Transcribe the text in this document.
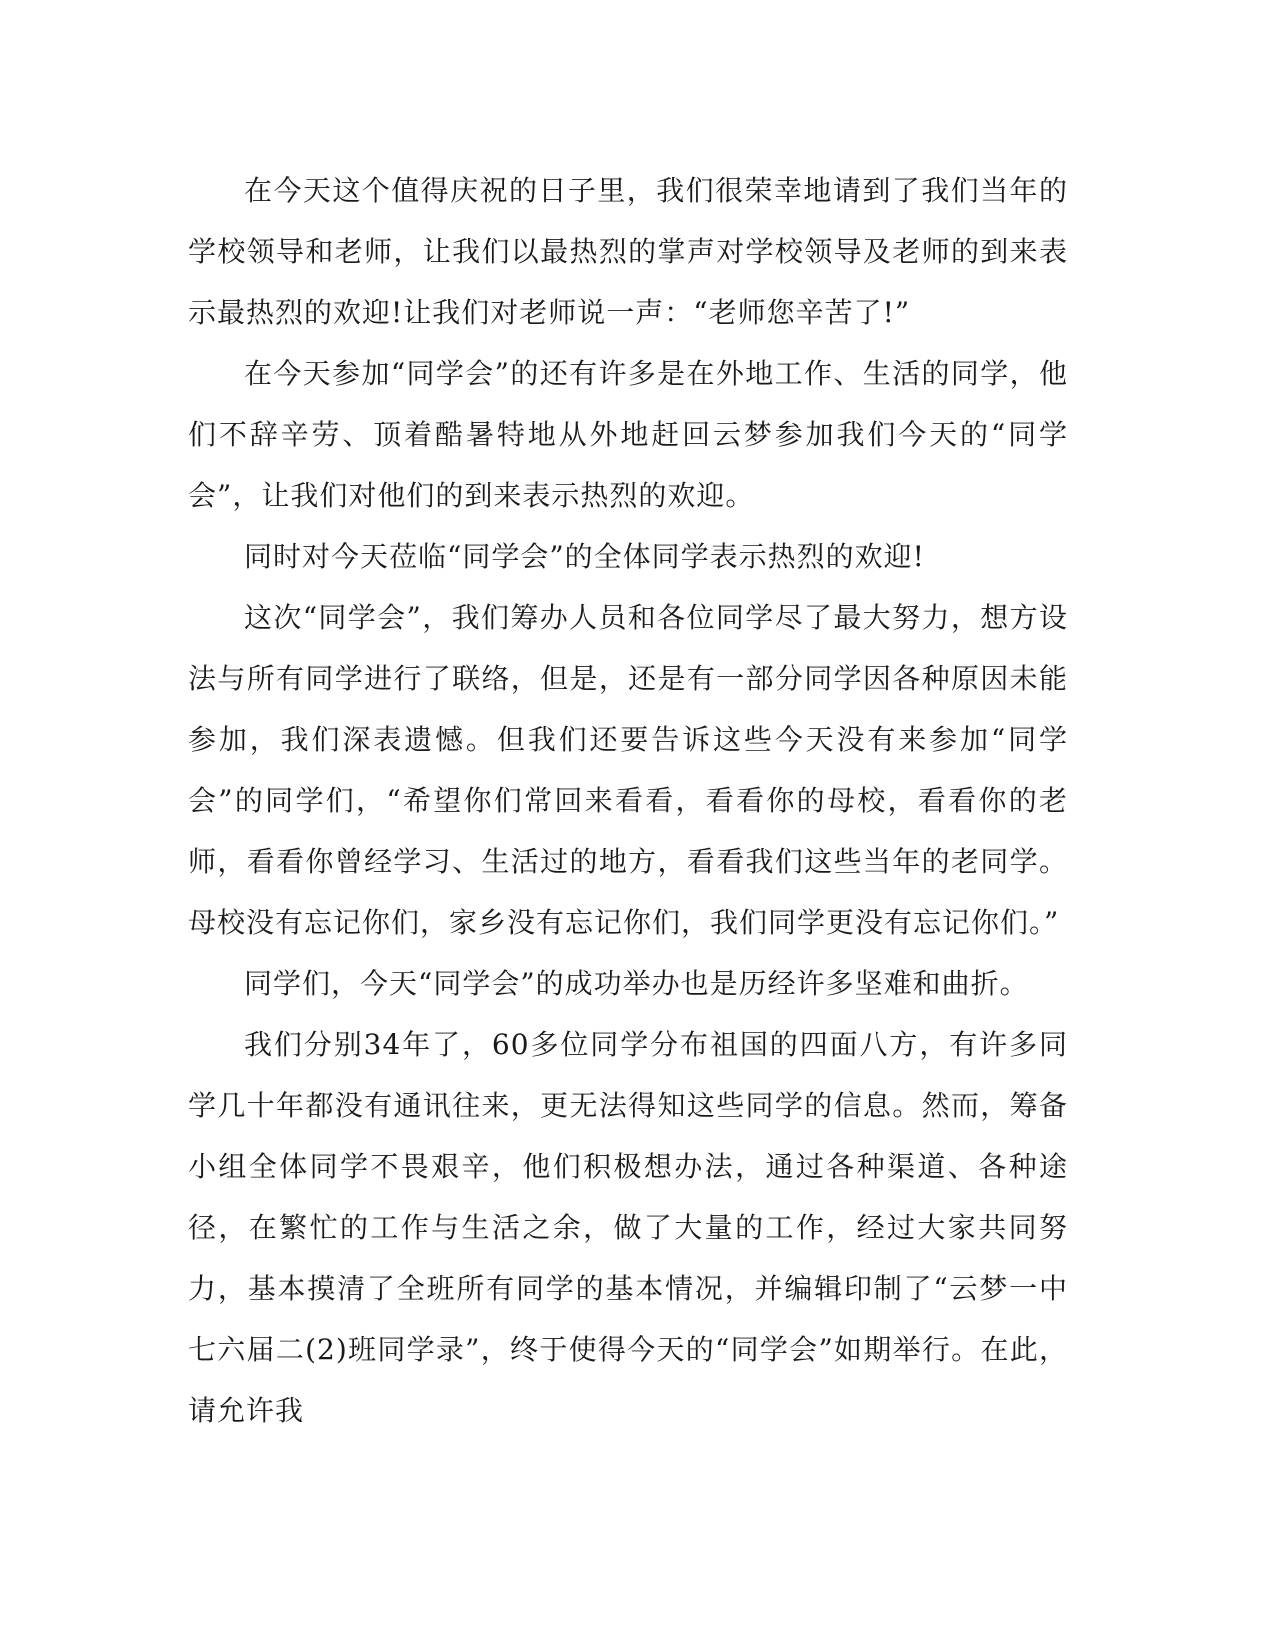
在今天这个值得庆祝的日子里，我们很荣幸地请到了我们当年的学校领导和老师，让我们以最热烈的掌声对学校领导及老师的到来表示最热烈的欢迎!让我们对老师说一声：“老师您辛苦了!”

在今天参加“同学会”的还有许多是在外地工作、生活的同学，他们不辞辛劳、顶着酷暑特地从外地赶回云梦参加我们今天的“同学会”，让我们对他们的到来表示热烈的欢迎。

同时对今天莅临“同学会”的全体同学表示热烈的欢迎!

这次“同学会”，我们筹办人员和各位同学尽了最大努力，想方设法与所有同学进行了联络，但是，还是有一部分同学因各种原因未能参加，我们深表遗憾。但我们还要告诉这些今天没有来参加“同学会”的同学们，“希望你们常回来看看，看看你的母校，看看你的老师，看看你曾经学习、生活过的地方，看看我们这些当年的老同学。母校没有忘记你们，家乡没有忘记你们，我们同学更没有忘记你们。”

同学们，今天“同学会”的成功举办也是历经许多坚难和曲折。

我们分别34年了，60多位同学分布祖国的四面八方，有许多同学几十年都没有通讯往来，更无法得知这些同学的信息。然而，筹备小组全体同学不畏艰辛，他们积极想办法，通过各种渠道、各种途径，在繁忙的工作与生活之余，做了大量的工作，经过大家共同努力，基本摸清了全班所有同学的基本情况，并编辑印制了“云梦一中七六届二(2)班同学录”，终于使得今天的“同学会”如期举行。在此，请允许我
